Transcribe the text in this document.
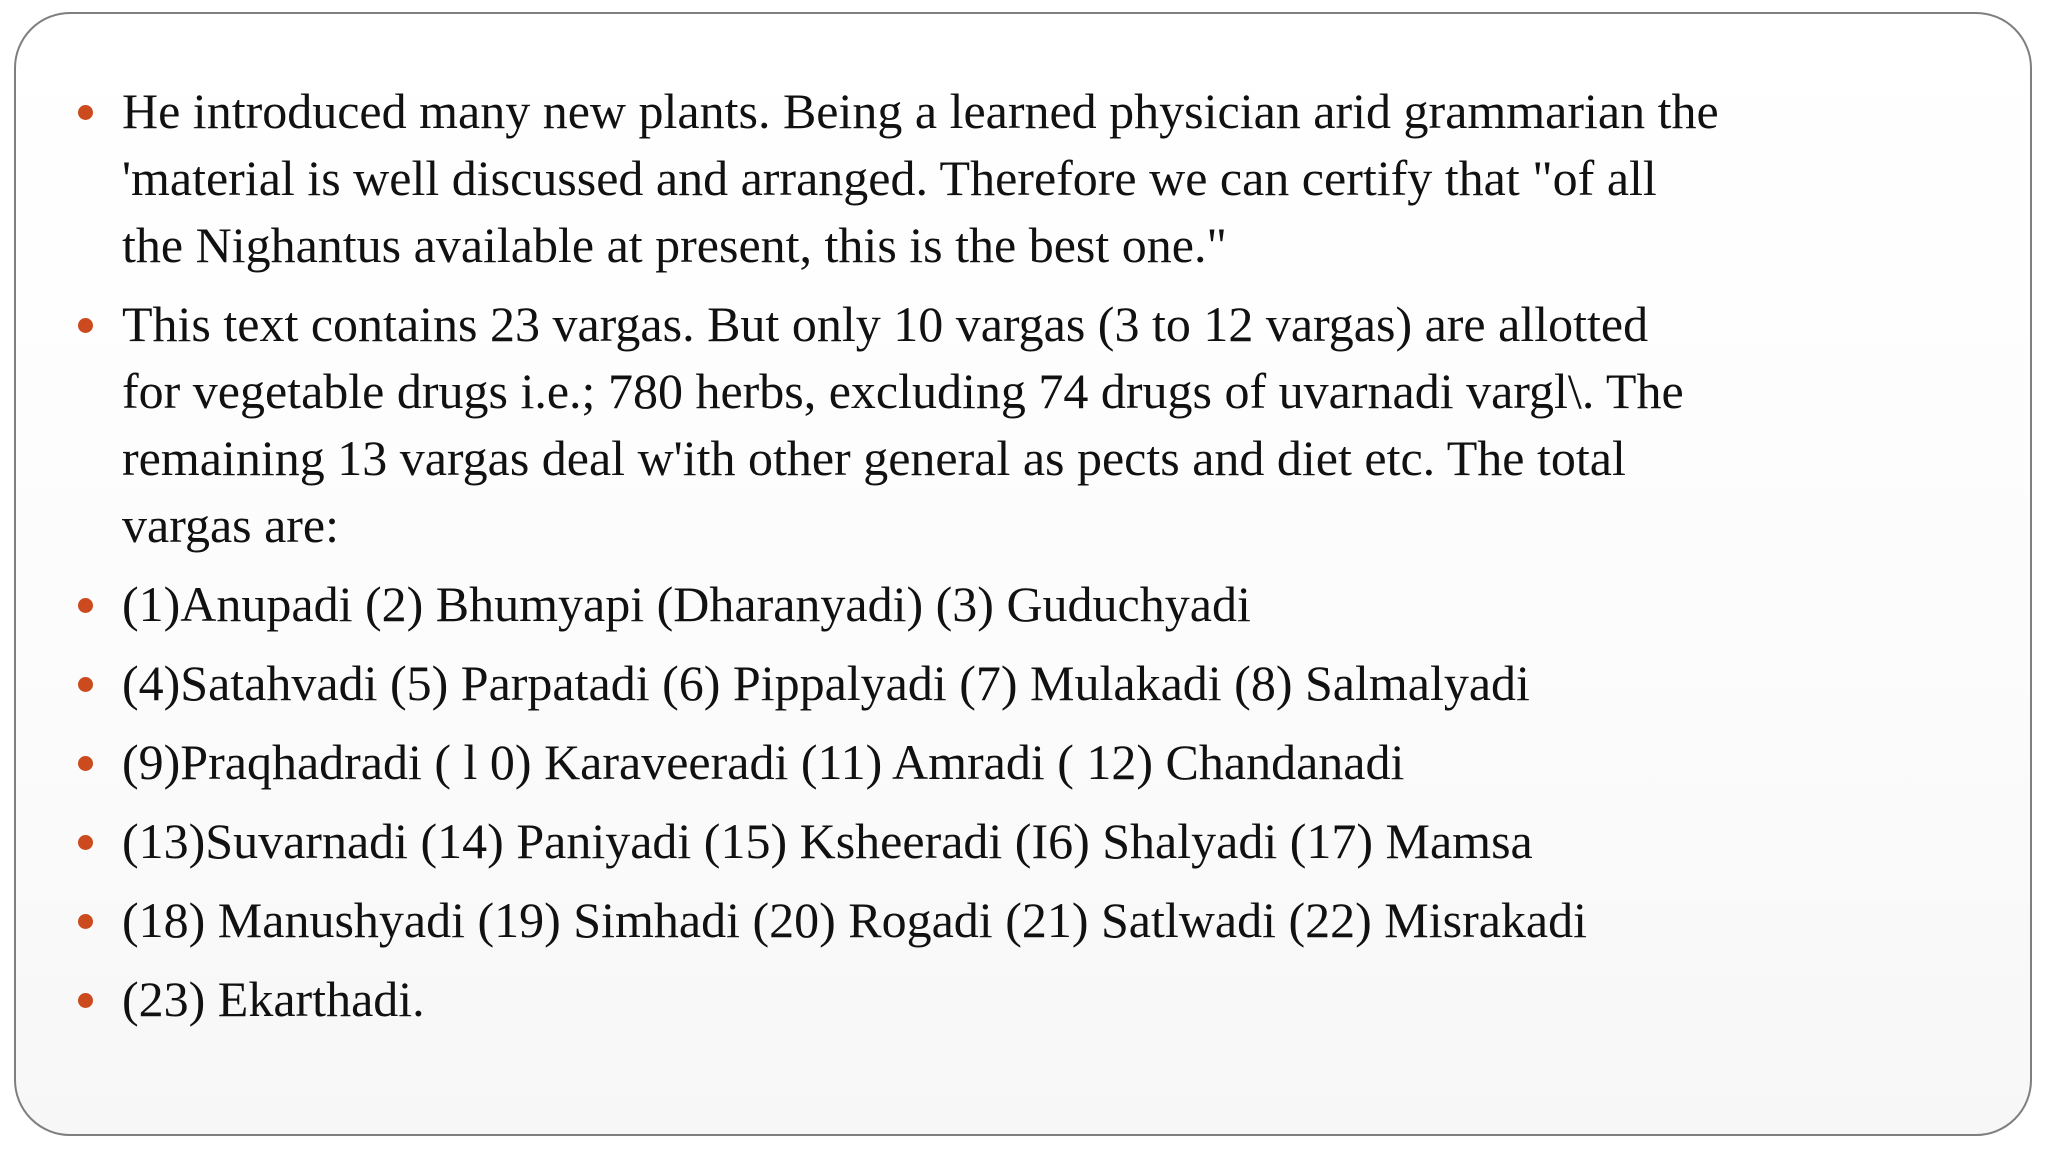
He introduced many new plants. Being a learned physician arid grammarian the
'material is well discussed and arranged. Therefore we can certify that "of all
the Nighantus available at present, this is the best one."
This text contains 23 vargas. But only 10 vargas (3 to 12 vargas) are allotted
for vegetable drugs i.e.; 780 herbs, excluding 74 drugs of uvarnadi vargl\. The
remaining 13 vargas deal w'ith other general as pects and diet etc. The total
vargas are:
(1)Anupadi (2) Bhumyapi (Dharanyadi) (3) Guduchyadi
(4)Satahvadi (5) Parpatadi (6) Pippalyadi (7) Mulakadi (8) Salmalyadi
(9)Praqhadradi ( l 0) Karaveeradi (11) Amradi ( 12) Chandanadi
(13)Suvarnadi (14) Paniyadi (15) Ksheeradi (I6) Shalyadi (17) Mamsa
(18) Manushyadi (19) Simhadi (20) Rogadi (21) Satlwadi (22) Misrakadi
(23) Ekarthadi.
